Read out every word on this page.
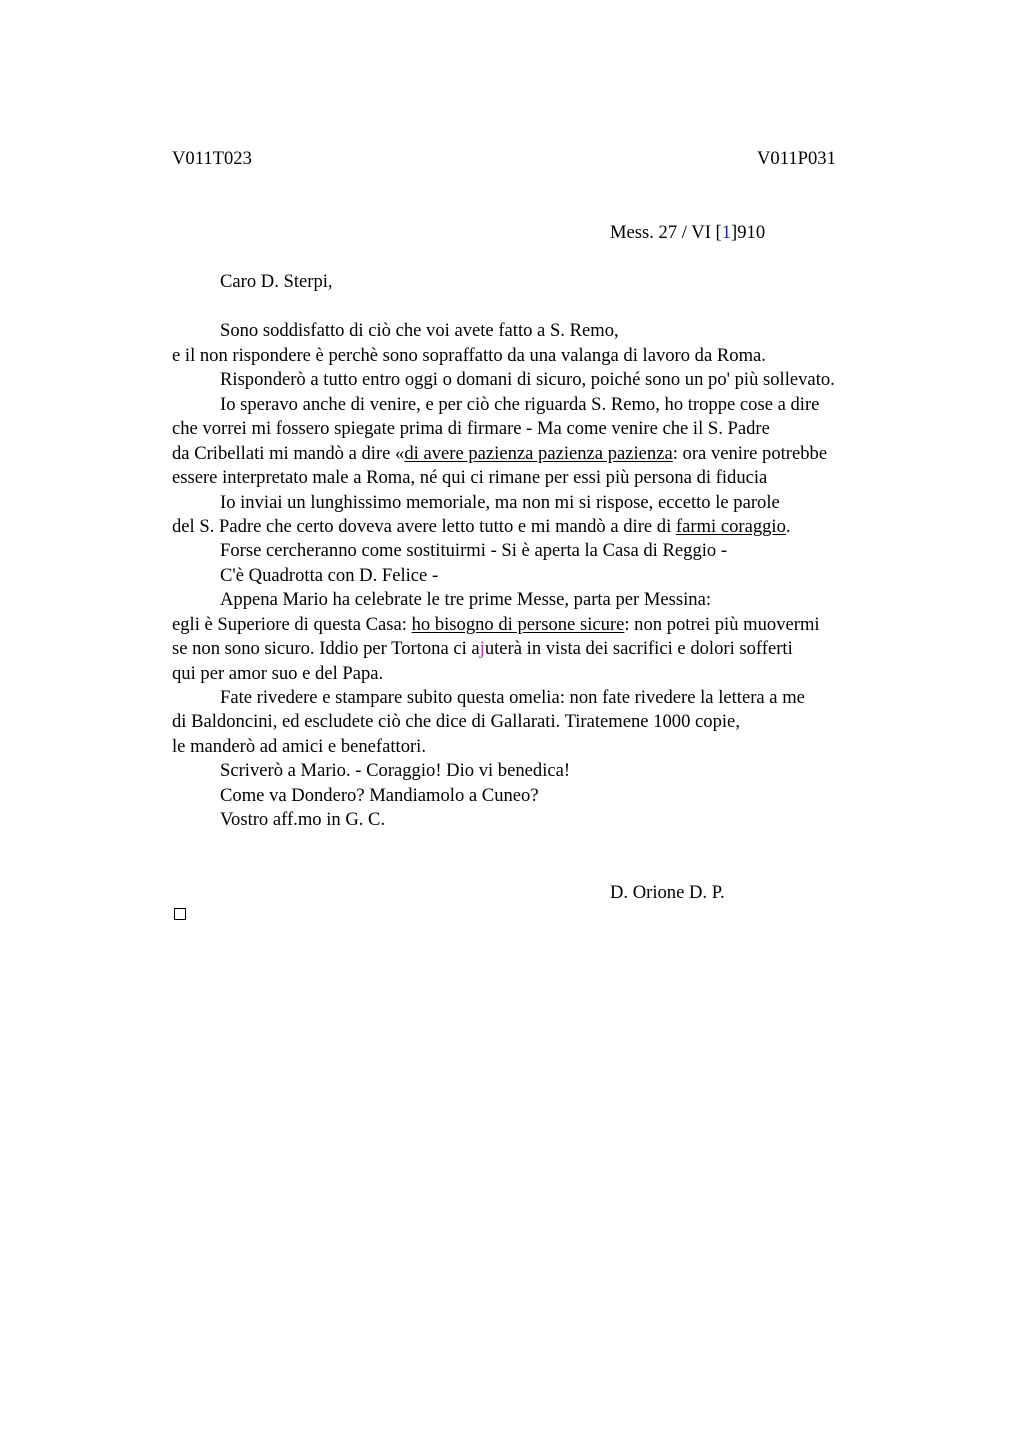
V011T023	V011P031
Mess. 27 / VI [1]910
Caro D. Sterpi,
Sono soddisfatto di ciò che voi avete fatto a S. Remo,
e il non rispondere è perchè sono sopraffatto da una valanga di lavoro da Roma.
Risponderò a tutto entro oggi o domani di sicuro, poiché sono un po' più sollevato.
Io speravo anche di venire, e per ciò che riguarda S. Remo, ho troppe cose a dire
che vorrei mi fossero spiegate prima di firmare - Ma come venire che il S. Padre
da Cribellati mi mandò a dire «di avere pazienza pazienza pazienza: ora venire potrebbe
essere interpretato male a Roma, né qui ci rimane per essi più persona di fiducia
Io inviai un lunghissimo memoriale, ma non mi si rispose, eccetto le parole
del S. Padre che certo doveva avere letto tutto e mi mandò a dire di farmi coraggio.
Forse cercheranno come sostituirmi - Si è aperta la Casa di Reggio -
C'è Quadrotta con D. Felice -
Appena Mario ha celebrate le tre prime Messe, parta per Messina:
egli è Superiore di questa Casa: ho bisogno di persone sicure: non potrei più muovermi
se non sono sicuro. Iddio per Tortona ci ajuterà in vista dei sacrifici e dolori sofferti
qui per amor suo e del Papa.
Fate rivedere e stampare subito questa omelia: non fate rivedere la lettera a me
di Baldoncini, ed escludete ciò che dice di Gallarati. Tiratemene 1000 copie,
le manderò ad amici e benefattori.
Scriverò a Mario. - Coraggio! Dio vi benedica!
Come va Dondero? Mandiamolo a Cuneo?
Vostro aff.mo in G. C.
D. Orione D. P.
